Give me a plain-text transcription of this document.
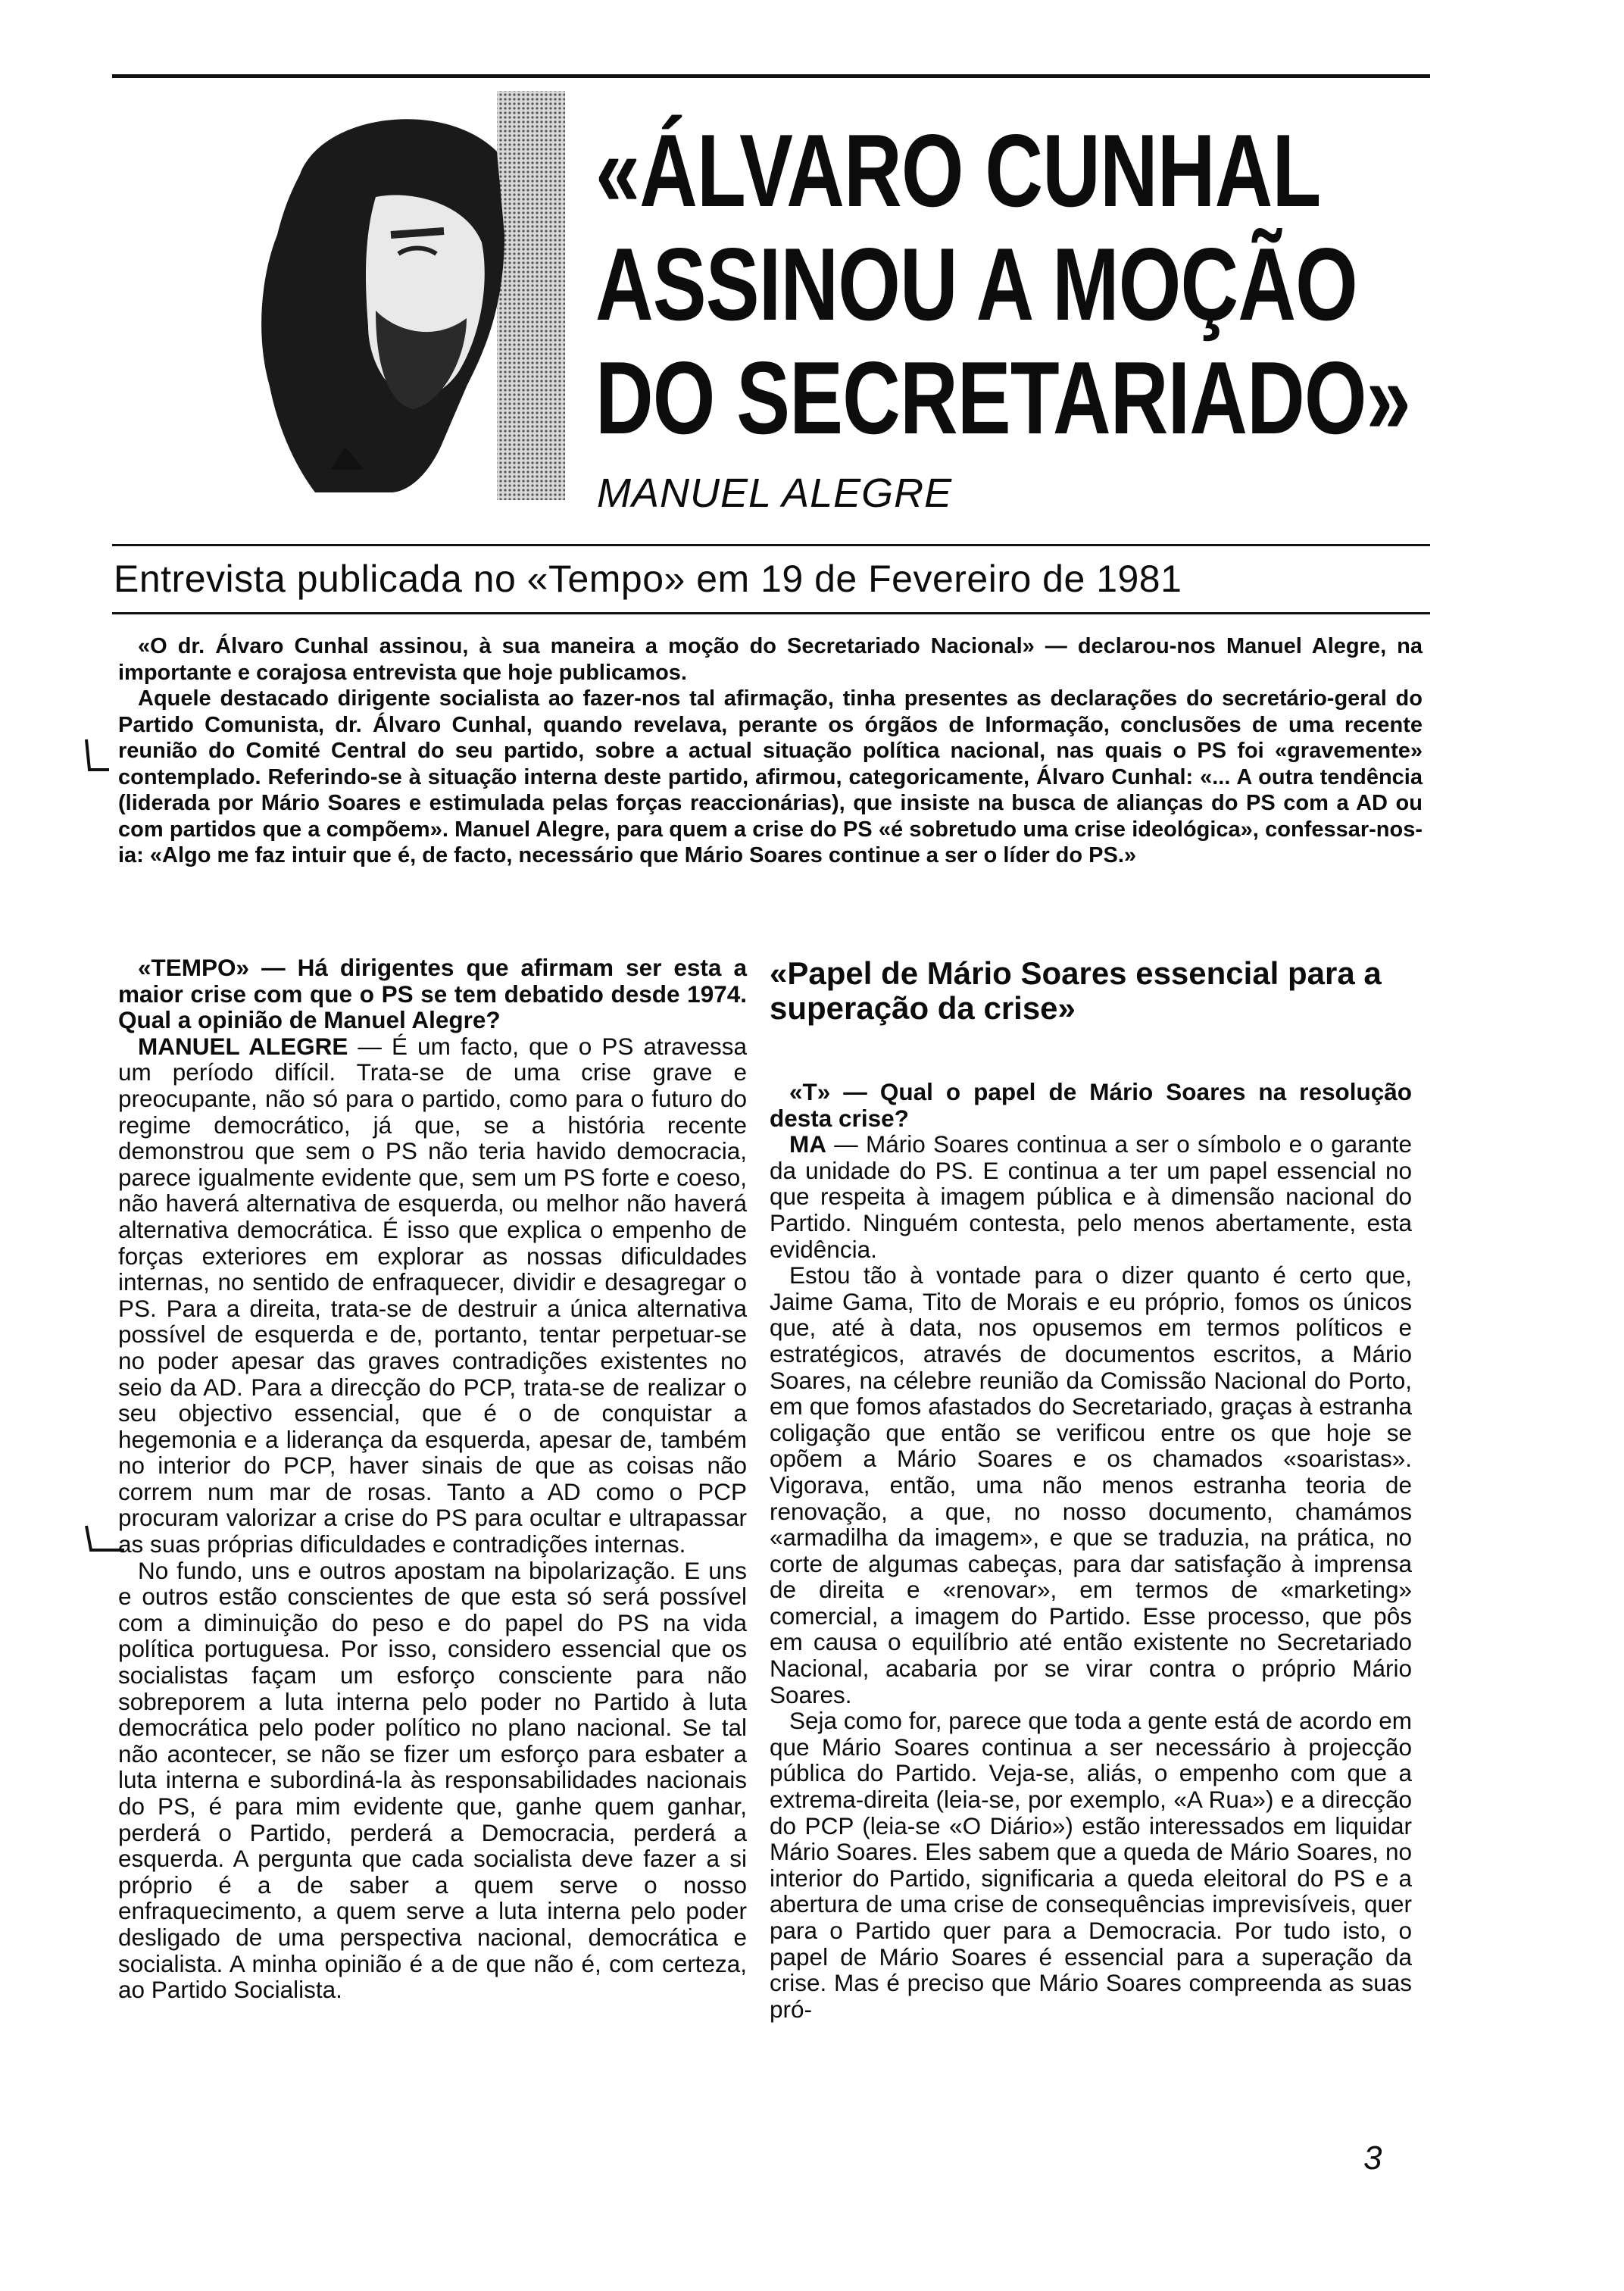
«ÁLVARO CUNHAL
ASSINOU A MOÇÃO
DO SECRETARIADO»
MANUEL ALEGRE
Entrevista publicada no «Tempo» em 19 de Fevereiro de 1981

«O dr. Álvaro Cunhal assinou, à sua maneira a moção do Secretariado Nacional» — declarou-nos Manuel Alegre, na importante e corajosa entrevista que hoje publicamos.

Aquele destacado dirigente socialista ao fazer-nos tal afirmação, tinha presentes as declarações do secretário-geral do Partido Comunista, dr. Álvaro Cunhal, quando revelava, perante os órgãos de Informação, conclusões de uma recente reunião do Comité Central do seu partido, sobre a actual situação política nacional, nas quais o PS foi «gravemente» contemplado. Referindo-se à situação interna deste partido, afirmou, categoricamente, Álvaro Cunhal: «... A outra tendência (liderada por Mário Soares e estimulada pelas forças reaccionárias), que insiste na busca de alianças do PS com a AD ou com partidos que a compõem». Manuel Alegre, para quem a crise do PS «é sobretudo uma crise ideológica», confessar-nos-ia: «Algo me faz intuir que é, de facto, necessário que Mário Soares continue a ser o líder do PS.»

«TEMPO» — Há dirigentes que afirmam ser esta a maior crise com que o PS se tem debatido desde 1974. Qual a opinião de Manuel Alegre?

MANUEL ALEGRE — É um facto, que o PS atravessa um período difícil. Trata-se de uma crise grave e preocupante, não só para o partido, como para o futuro do regime democrático, já que, se a história recente demonstrou que sem o PS não teria havido democracia, parece igualmente evidente que, sem um PS forte e coeso, não haverá alternativa de esquerda, ou melhor não haverá alternativa democrática. É isso que explica o empenho de forças exteriores em explorar as nossas dificuldades internas, no sentido de enfraquecer, dividir e desagregar o PS. Para a direita, trata-se de destruir a única alternativa possível de esquerda e de, portanto, tentar perpetuar-se no poder apesar das graves contradições existentes no seio da AD. Para a direcção do PCP, trata-se de realizar o seu objectivo essencial, que é o de conquistar a hegemonia e a liderança da esquerda, apesar de, também no interior do PCP, haver sinais de que as coisas não correm num mar de rosas. Tanto a AD como o PCP procuram valorizar a crise do PS para ocultar e ultrapassar as suas próprias dificuldades e contradições internas.

No fundo, uns e outros apostam na bipolarização. E uns e outros estão conscientes de que esta só será possível com a diminuição do peso e do papel do PS na vida política portuguesa. Por isso, considero essencial que os socialistas façam um esforço consciente para não sobreporem a luta interna pelo poder no Partido à luta democrática pelo poder político no plano nacional. Se tal não acontecer, se não se fizer um esforço para esbater a luta interna e subordiná-la às responsabilidades nacionais do PS, é para mim evidente que, ganhe quem ganhar, perderá o Partido, perderá a Democracia, perderá a esquerda. A pergunta que cada socialista deve fazer a si próprio é a de saber a quem serve o nosso enfraquecimento, a quem serve a luta interna pelo poder desligado de uma perspectiva nacional, democrática e socialista. A minha opinião é a de que não é, com certeza, ao Partido Socialista.

«Papel de Mário Soares essencial para a superação da crise»

«T» — Qual o papel de Mário Soares na resolução desta crise?

MA — Mário Soares continua a ser o símbolo e o garante da unidade do PS. E continua a ter um papel essencial no que respeita à imagem pública e à dimensão nacional do Partido. Ninguém contesta, pelo menos abertamente, esta evidência.

Estou tão à vontade para o dizer quanto é certo que, Jaime Gama, Tito de Morais e eu próprio, fomos os únicos que, até à data, nos opusemos em termos políticos e estratégicos, através de documentos escritos, a Mário Soares, na célebre reunião da Comissão Nacional do Porto, em que fomos afastados do Secretariado, graças à estranha coligação que então se verificou entre os que hoje se opõem a Mário Soares e os chamados «soaristas». Vigorava, então, uma não menos estranha teoria de renovação, a que, no nosso documento, chamámos «armadilha da imagem», e que se traduzia, na prática, no corte de algumas cabeças, para dar satisfação à imprensa de direita e «renovar», em termos de «marketing» comercial, a imagem do Partido. Esse processo, que pôs em causa o equilíbrio até então existente no Secretariado Nacional, acabaria por se virar contra o próprio Mário Soares.

Seja como for, parece que toda a gente está de acordo em que Mário Soares continua a ser necessário à projecção pública do Partido. Veja-se, aliás, o empenho com que a extrema-direita (leia-se, por exemplo, «A Rua») e a direcção do PCP (leia-se «O Diário») estão interessados em liquidar Mário Soares. Eles sabem que a queda de Mário Soares, no interior do Partido, significaria a queda eleitoral do PS e a abertura de uma crise de consequências imprevisíveis, quer para o Partido quer para a Democracia. Por tudo isto, o papel de Mário Soares é essencial para a superação da crise. Mas é preciso que Mário Soares compreenda as suas pró-

3
